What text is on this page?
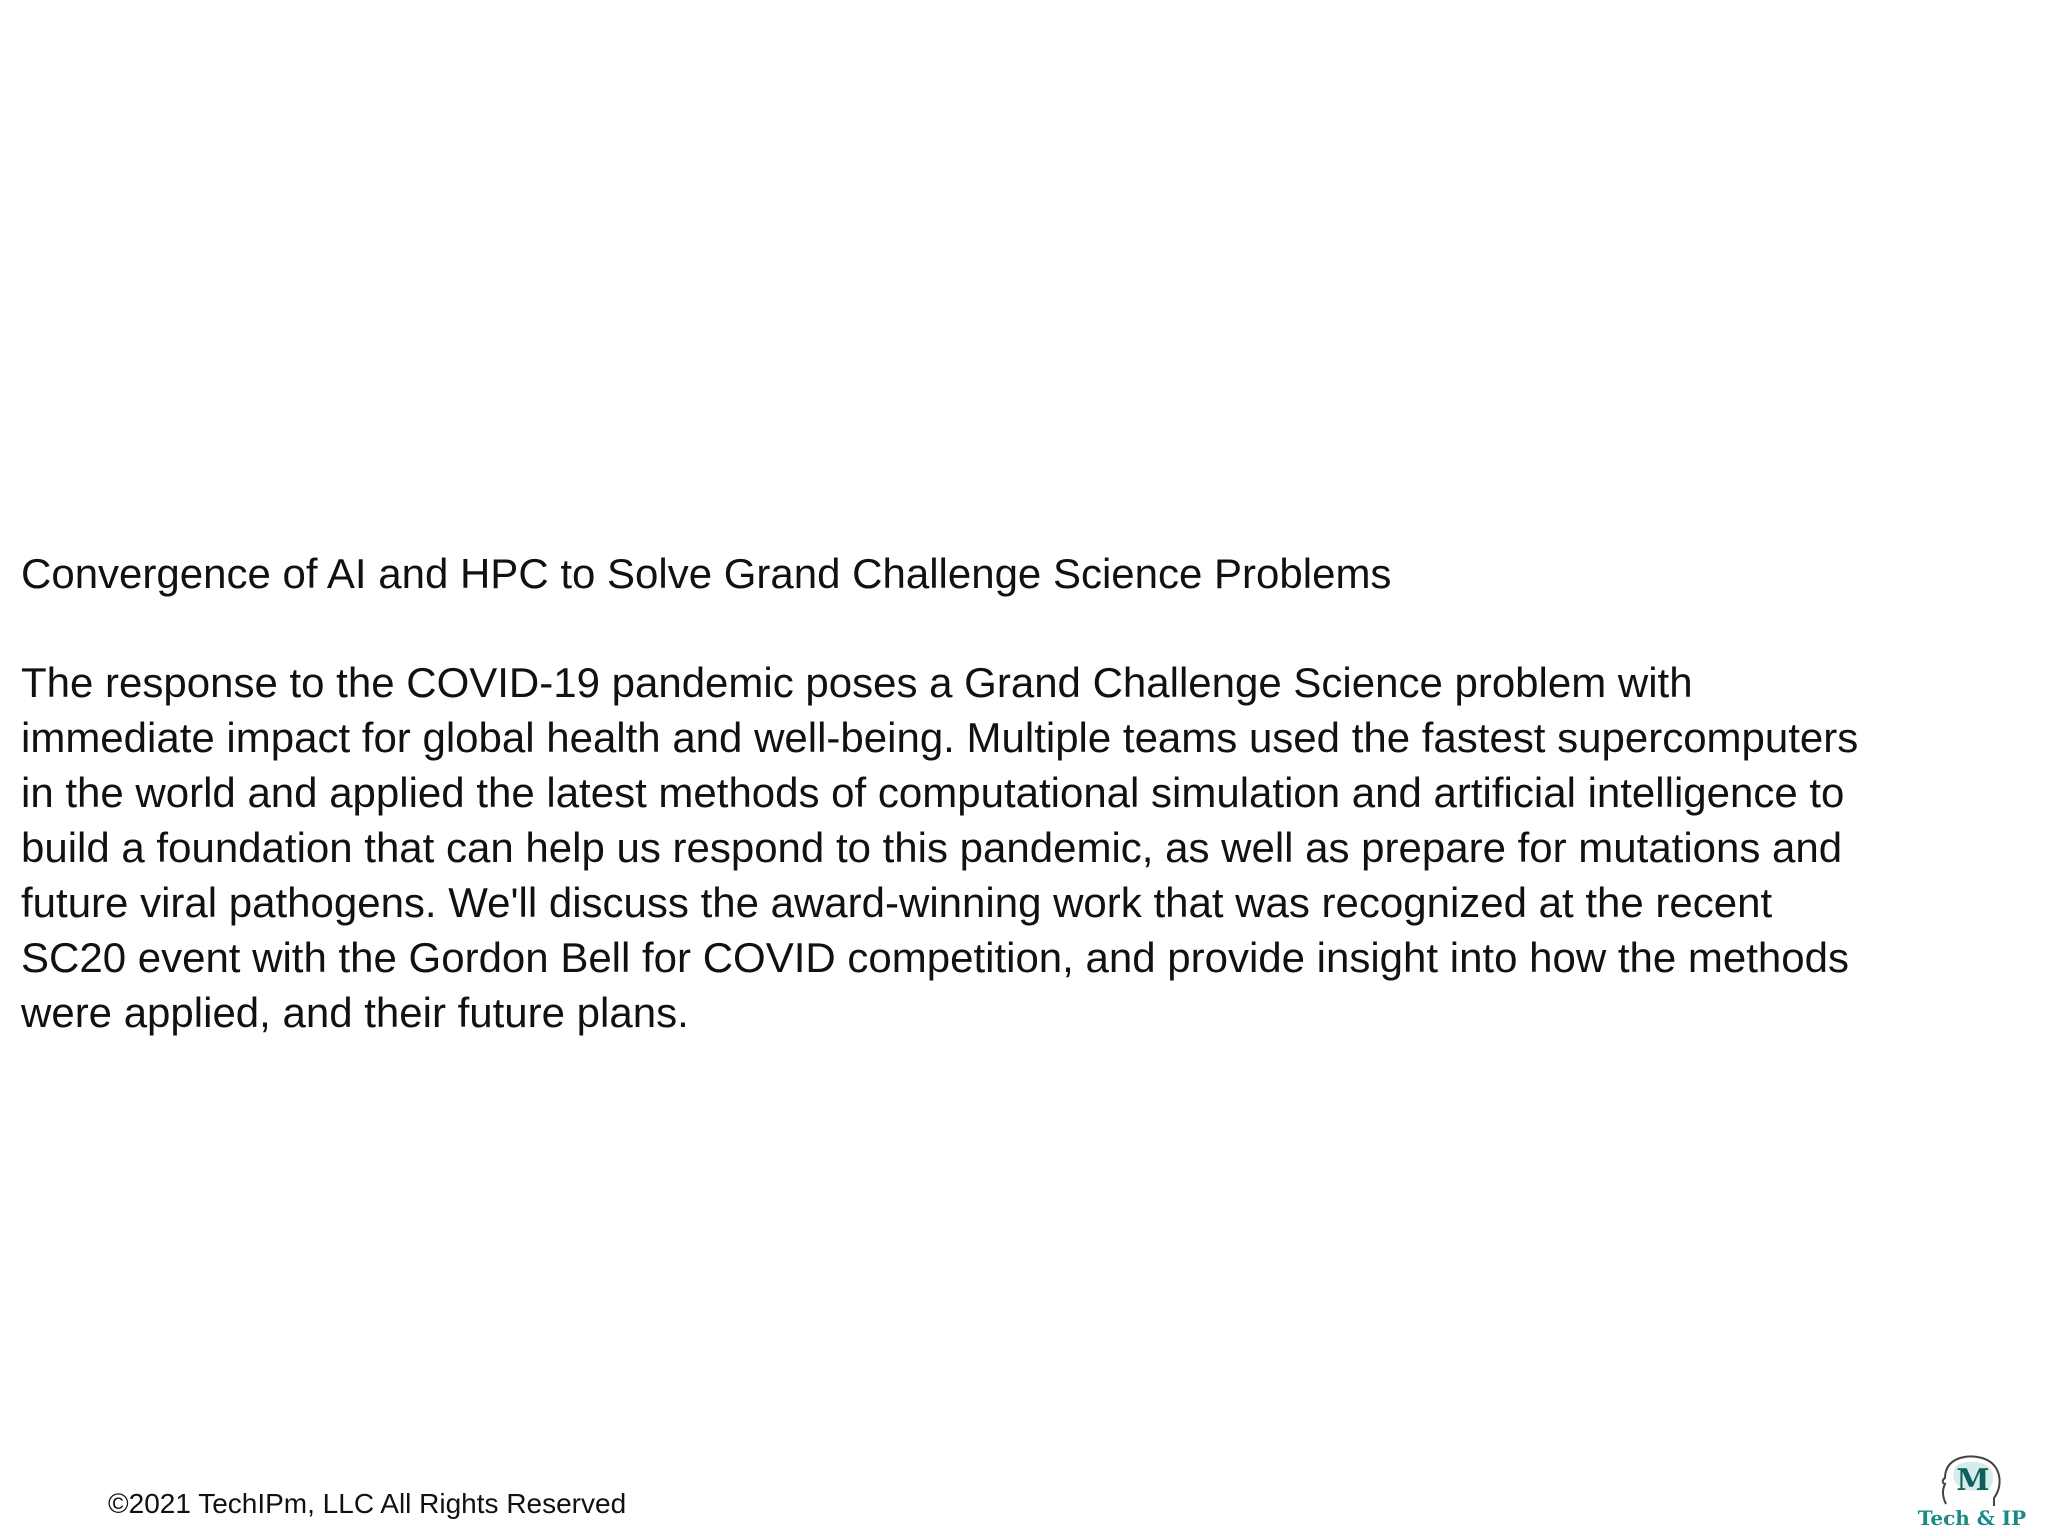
Convergence of AI and HPC to Solve Grand Challenge Science Problems
The response to the COVID-19 pandemic poses a Grand Challenge Science problem with
immediate impact for global health and well-being. Multiple teams used the fastest supercomputers
in the world and applied the latest methods of computational simulation and artificial intelligence to
build a foundation that can help us respond to this pandemic, as well as prepare for mutations and
future viral pathogens. We'll discuss the award-winning work that was recognized at the recent
SC20 event with the Gordon Bell for COVID competition, and provide insight into how the methods
were applied, and their future plans.
©2021 TechIPm, LLC All Rights Reserved
M
Tech & IP
